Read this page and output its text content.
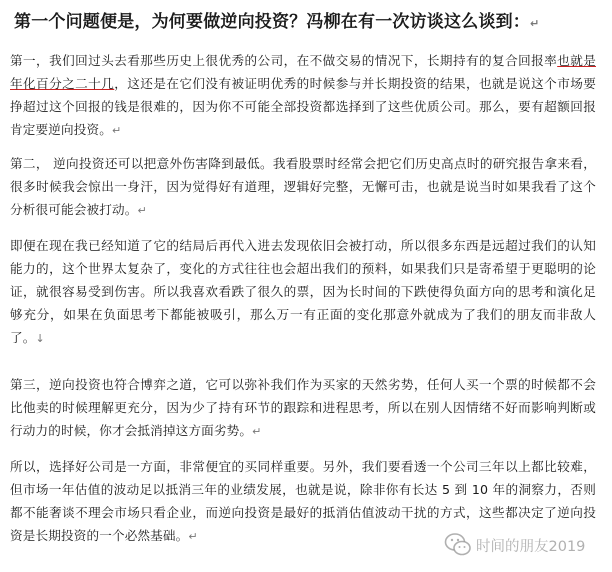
第一个问题便是，为何要做逆向投资？冯柳在有一次访谈这么谈到：↵
第一，我们回过头去看那些历史上很优秀的公司，在不做交易的情况下，长期持有的复合回报率也就是年化百分之二十几，这还是在它们没有被证明优秀的时候参与并长期投资的结果，也就是说这个市场要挣超过这个回报的钱是很难的，因为你不可能全部投资都选择到了这些优质公司。那么，要有超额回报肯定要逆向投资。↵
第二， 逆向投资还可以把意外伤害降到最低。我看股票时经常会把它们历史高点时的研究报告拿来看，很多时候我会惊出一身汗，因为觉得好有道理，逻辑好完整，无懈可击，也就是说当时如果我看了这个分析很可能会被打动。↵
即便在现在我已经知道了它的结局后再代入进去发现依旧会被打动，所以很多东西是远超过我们的认知能力的，这个世界太复杂了，变化的方式往往也会超出我们的预料，如果我们只是寄希望于更聪明的论证，就很容易受到伤害。所以我喜欢看跌了很久的票，因为长时间的下跌使得负面方向的思考和演化足够充分，如果在负面思考下都能被吸引，那么万一有正面的变化那意外就成为了我们的朋友而非敌人了。↓
第三，逆向投资也符合博弈之道，它可以弥补我们作为买家的天然劣势，任何人买一个票的时候都不会比他卖的时候理解更充分，因为少了持有环节的跟踪和进程思考，所以在别人因情绪不好而影响判断或行动力的时候，你才会抵消掉这方面劣势。↵
所以，选择好公司是一方面，非常便宜的买同样重要。另外，我们要看透一个公司三年以上都比较难，但市场一年估值的波动足以抵消三年的业绩发展，也就是说，除非你有长达 5 到 10 年的洞察力，否则都不能奢谈不理会市场只看企业，而逆向投资是最好的抵消估值波动干扰的方式，这些都决定了逆向投资是长期投资的一个必然基础。↵
时间的朋友2019
